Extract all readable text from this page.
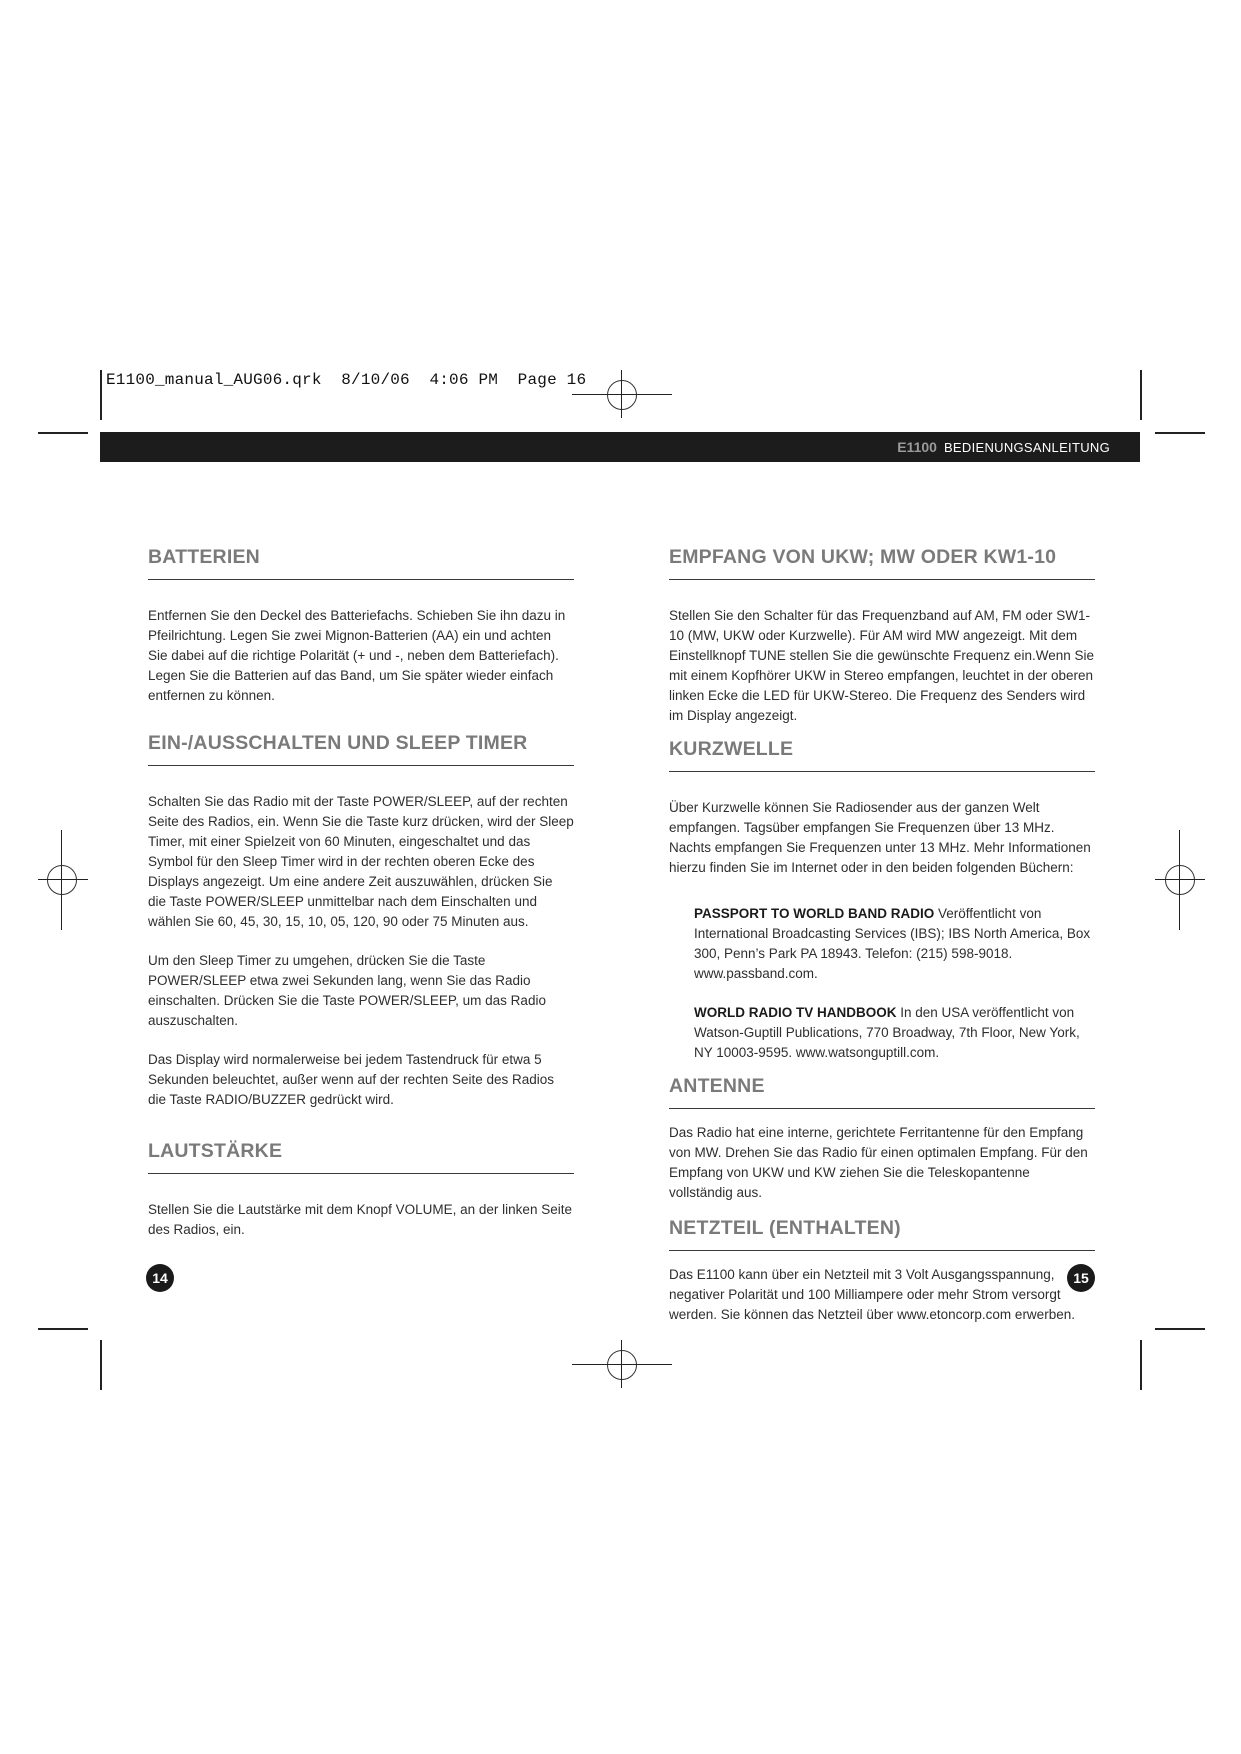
E1100_manual_AUG06.qrk  8/10/06  4:06 PM  Page 16
E1100 BEDIENUNGSANLEITUNG
BATTERIEN

Entfernen Sie den Deckel des Batteriefachs. Schieben Sie ihn dazu in Pfeilrichtung. Legen Sie zwei Mignon-Batterien (AA) ein und achten Sie dabei auf die richtige Polarität (+ und -, neben dem Batteriefach). Legen Sie die Batterien auf das Band, um Sie später wieder einfach entfernen zu können.

EIN-/AUSSCHALTEN UND SLEEP TIMER

Schalten Sie das Radio mit der Taste POWER/SLEEP, auf der rechten Seite des Radios, ein. Wenn Sie die Taste kurz drücken, wird der Sleep Timer, mit einer Spielzeit von 60 Minuten, eingeschaltet und das Symbol für den Sleep Timer wird in der rechten oberen Ecke des Displays angezeigt. Um eine andere Zeit auszuwählen, drücken Sie die Taste POWER/SLEEP unmittelbar nach dem Einschalten und wählen Sie 60, 45, 30, 15, 10, 05, 120, 90 oder 75 Minuten aus.

Um den Sleep Timer zu umgehen, drücken Sie die Taste POWER/SLEEP etwa zwei Sekunden lang, wenn Sie das Radio einschalten. Drücken Sie die Taste POWER/SLEEP, um das Radio auszuschalten.

Das Display wird normalerweise bei jedem Tastendruck für etwa 5 Sekunden beleuchtet, außer wenn auf der rechten Seite des Radios die Taste RADIO/BUZZER gedrückt wird.

LAUTSTÄRKE

Stellen Sie die Lautstärke mit dem Knopf VOLUME, an der linken Seite des Radios, ein.

EMPFANG VON UKW; MW ODER KW1-10

Stellen Sie den Schalter für das Frequenzband auf AM, FM oder SW1-10 (MW, UKW oder Kurzwelle). Für AM wird MW angezeigt. Mit dem Einstellknopf TUNE stellen Sie die gewünschte Frequenz ein.Wenn Sie mit einem Kopfhörer UKW in Stereo empfangen, leuchtet in der oberen linken Ecke die LED für UKW-Stereo. Die Frequenz des Senders wird im Display angezeigt.

KURZWELLE

Über Kurzwelle können Sie Radiosender aus der ganzen Welt empfangen. Tagsüber empfangen Sie Frequenzen über 13 MHz. Nachts empfangen Sie Frequenzen unter 13 MHz. Mehr Informationen hierzu finden Sie im Internet oder in den beiden folgenden Büchern:

PASSPORT TO WORLD BAND RADIO Veröffentlicht von International Broadcasting Services (IBS); IBS North America, Box 300, Penn’s Park PA 18943. Telefon: (215) 598-9018. www.passband.com.

WORLD RADIO TV HANDBOOK In den USA veröffentlicht von Watson-Guptill Publications, 770 Broadway, 7th Floor, New York, NY 10003-9595. www.watsonguptill.com.

ANTENNE

Das Radio hat eine interne, gerichtete Ferritantenne für den Empfang von MW. Drehen Sie das Radio für einen optimalen Empfang. Für den Empfang von UKW und KW ziehen Sie die Teleskopantenne vollständig aus.

NETZTEIL (ENTHALTEN)

Das E1100 kann über ein Netzteil mit 3 Volt Ausgangsspannung, negativer Polarität und 100 Milliampere oder mehr Strom versorgt werden. Sie können das Netzteil über www.etoncorp.com erwerben.

14	15
